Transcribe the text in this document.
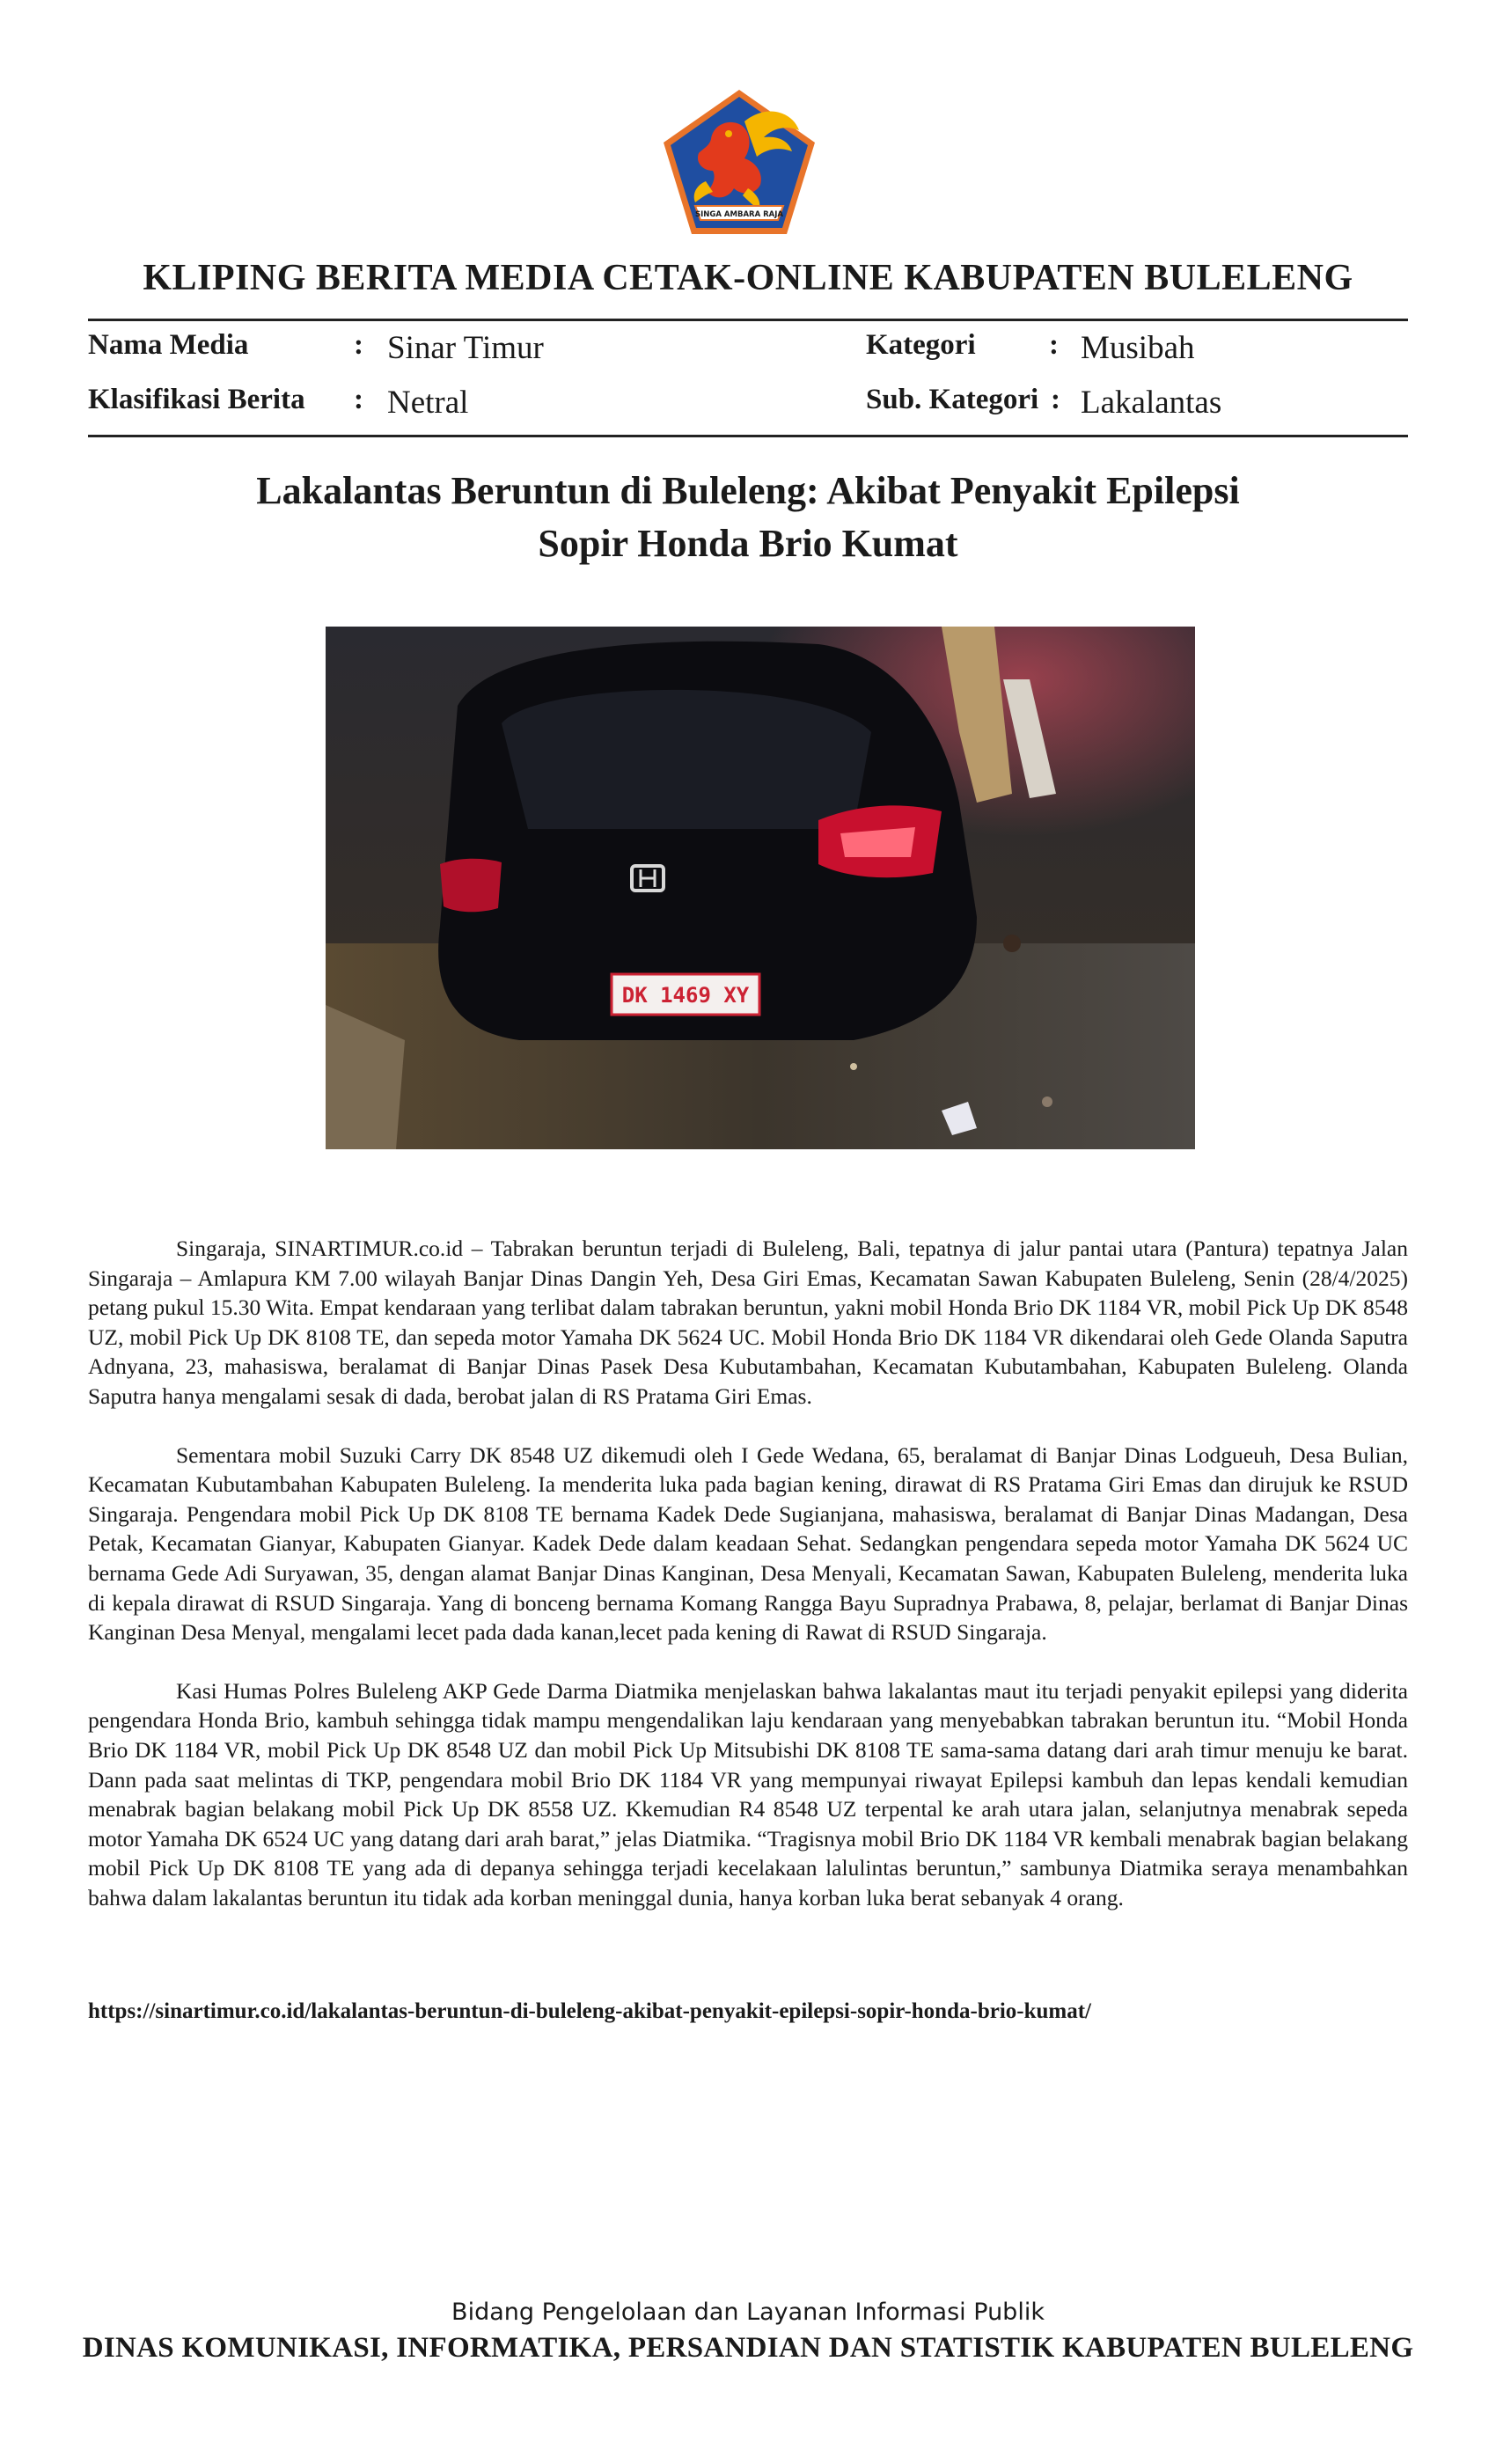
SINGA AMBARA RAJA
KLIPING BERITA MEDIA CETAK-ONLINE KABUPATEN BULELENG
Nama Media	: Sinar Timur
Klasifikasi Berita : Netral
Kategori	: Musibah
Sub. Kategori : Lakalantas
Lakalantas Beruntun di Buleleng: Akibat Penyakit Epilepsi
Sopir Honda Brio Kumat
DK 1469 XY

Singaraja, SINARTIMUR.co.id – Tabrakan beruntun terjadi di Buleleng, Bali, tepatnya di jalur pantai utara (Pantura) tepatnya Jalan Singaraja – Amlapura KM 7.00 wilayah Banjar Dinas Dangin Yeh, Desa Giri Emas, Kecamatan Sawan Kabupaten Buleleng, Senin (28/4/2025) petang pukul 15.30 Wita. Empat kendaraan yang terlibat dalam tabrakan beruntun, yakni mobil Honda Brio DK 1184 VR, mobil Pick Up DK 8548 UZ, mobil Pick Up DK 8108 TE, dan sepeda motor Yamaha DK 5624 UC. Mobil Honda Brio DK 1184 VR dikendarai oleh Gede Olanda Saputra Adnyana, 23, mahasiswa, beralamat di Banjar Dinas Pasek Desa Kubutambahan, Kecamatan Kubutambahan, Kabupaten Buleleng. Olanda Saputra hanya mengalami sesak di dada, berobat jalan di RS Pratama Giri Emas.

Sementara mobil Suzuki Carry DK 8548 UZ dikemudi oleh I Gede Wedana, 65, beralamat di Banjar Dinas Lodgueuh, Desa Bulian, Kecamatan Kubutambahan Kabupaten Buleleng. Ia menderita luka pada bagian kening, dirawat di RS Pratama Giri Emas dan dirujuk ke RSUD Singaraja. Pengendara mobil Pick Up DK 8108 TE bernama Kadek Dede Sugianjana, mahasiswa, beralamat di Banjar Dinas Madangan, Desa Petak, Kecamatan Gianyar, Kabupaten Gianyar. Kadek Dede dalam keadaan Sehat. Sedangkan pengendara sepeda motor Yamaha DK 5624 UC bernama Gede Adi Suryawan, 35, dengan alamat Banjar Dinas Kanginan, Desa Menyali, Kecamatan Sawan, Kabupaten Buleleng, menderita luka di kepala dirawat di RSUD Singaraja. Yang di bonceng bernama Komang Rangga Bayu Supradnya Prabawa, 8, pelajar, berlamat di Banjar Dinas Kanginan Desa Menyal, mengalami lecet pada dada kanan,lecet pada kening di Rawat di RSUD Singaraja.

Kasi Humas Polres Buleleng AKP Gede Darma Diatmika menjelaskan bahwa lakalantas maut itu terjadi penyakit epilepsi yang diderita pengendara Honda Brio, kambuh sehingga tidak mampu mengendalikan laju kendaraan yang menyebabkan tabrakan beruntun itu. “Mobil Honda Brio DK 1184 VR, mobil Pick Up DK 8548 UZ dan mobil Pick Up Mitsubishi DK 8108 TE sama-sama datang dari arah timur menuju ke barat. Dann pada saat melintas di TKP, pengendara mobil Brio DK 1184 VR yang mempunyai riwayat Epilepsi kambuh dan lepas kendali kemudian menabrak bagian belakang mobil Pick Up DK 8558 UZ. Kkemudian R4 8548 UZ terpental ke arah utara jalan, selanjutnya menabrak sepeda motor Yamaha DK 6524 UC yang datang dari arah barat,” jelas Diatmika. “Tragisnya mobil Brio DK 1184 VR kembali menabrak bagian belakang mobil Pick Up DK 8108 TE yang ada di depanya sehingga terjadi kecelakaan lalulintas beruntun,” sambunya Diatmika seraya menambahkan bahwa dalam lakalantas beruntun itu tidak ada korban meninggal dunia, hanya korban luka berat sebanyak 4 orang.

https://sinartimur.co.id/lakalantas-beruntun-di-buleleng-akibat-penyakit-epilepsi-sopir-honda-brio-kumat/
Bidang Pengelolaan dan Layanan Informasi Publik
DINAS KOMUNIKASI, INFORMATIKA, PERSANDIAN DAN STATISTIK KABUPATEN BULELENG
